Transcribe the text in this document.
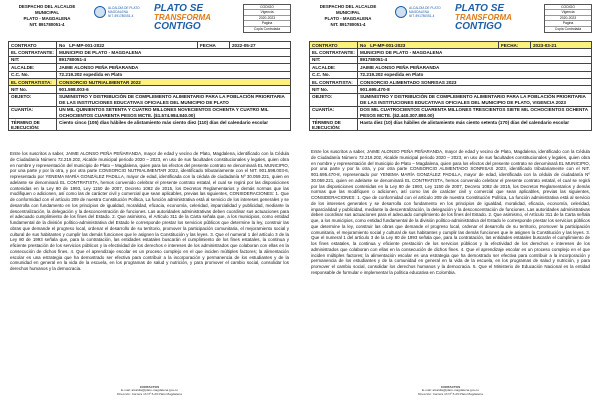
DESPACHO DEL ALCALDE
MUNICIPAL
PLATO - MAGDALENA
NIT. 891780051-4
ALCALDÍA DE PLATO
MAGDALENA
NIT. 891780051-4
PLATO SE
TRANSFORMA
CONTIGO
CODIGO
Vigencia
2020-2023
Pagina
Copia Controlada
CONTRATO	No LP-MP-001-2022	FECHA	2022-05-27
EL CONTRATANTE:	MUNICIPIO DE PLATO - MAGDALENA
NIT:	891780051-4
ALCALDE:	JAIME ALONSO PEÑA PEÑARANDA
C.C. No.	72.219.202 expedida en Plato
EL CONTRATISTA:	CONSORCIO NUTRIALIMENTAR 2022
NIT No.	901.598.003-6
OBJETO:	SUMINISTRO Y DISTRIBUCIÓN DE COMPLEMENTO ALIMENTARIO PARA LA POBLACIÓN PRIORITARIA DE LAS INSTITUCIONES EDUCATIVAS OFICIALES DEL MUNICIPIO DE PLATO
CUANTÍA:	UN MIL QUINIENTOS SETENTA Y CUATRO MILLONES NOVECIENTOS OCHENTA Y CUATRO MIL OCHOCIENTOS CUARENTA PESOS MCTE. ($1.574.984.840.00)
TÉRMINO DE EJECUCIÓN:
Ciento cinco (105) días hábiles de alistamiento más ciento diez (110) días del calendario escolar

Entre los suscritos a saber, JAIME ALONSO PEÑA PEÑARANDA, mayor de edad y vecino de Plato, Magdalena, identificado con la Cédula de Ciudadanía Número 72.219.202, Alcalde municipal periodo 2020 – 2023, en uso de sus facultades constitucionales y legales, quien obra en nombre y representación del municipio de Plato – Magdalena, quien para los efectos del presente contrato se denominará EL MUNICIPIO, por una parte y por la otra, y por otra parte CONSORCIO NUTRIALIMENTAR 2022, identificado tributariamente con el NIT. 901.598.003-6, representado por YENEMA MARÍA GONZÁLEZ PADILLA, mayor de edad, identificada con la cédula de ciudadanía Nº 30.059.221, quien en adelante se denominará EL CONTRATISTA, hemos convenido celebrar el presente contrato estatal, el cual se regirá por las disposiciones contenidas en la Ley 80 de 1993, Ley 1150 de 2007, Decreto 1082 de 2015, los Decretos Reglamentarios y demás normas que las modifiquen o adicionen, así como las de carácter civil y comercial que sean aplicables, previas las siguientes, CONSIDERACIONES: 1. Que de conformidad con el artículo 209 de nuestra Constitución Política, La función administrativa está al servicio de los intereses generales y se desarrolla con fundamento en los principios de igualdad, moralidad, eficacia, economía, celeridad, imparcialidad y publicidad, mediante la descentralización, la delegación y la desconcentración de funciones. Las autoridades administrativas deben coordinar sus actuaciones para el adecuado cumplimiento de los fines del Estado. 2. Que asimismo, el Artículo 311 de la Carta señala que, a los municipios, como entidad fundamental de la división político-administrativa del Estado le corresponde prestar los servicios públicos que determine la ley, construir las obras que demande el progreso local, ordenar el desarrollo de su territorio, promover la participación comunitaria, el mejoramiento social y cultural de sus habitantes y cumplir las demás funciones que le asignen la Constitución y las leyes. 3. Que el numeral 1 del artículo 3 de la Ley 80 de 1993 señala que, para la contratación, las entidades estatales buscarán el cumplimiento de los fines estatales, la continua y eficiente prestación de los servicios públicos y la efectividad de los derechos e intereses de los administrados que colaboran con ellas en la consecución de dichos fines. 4. Que el aprendizaje escolar es un proceso complejo en el que inciden múltiples factores; la alimentación escolar es una estrategia que ha demostrado ser efectiva para contribuir a la incorporación y permanencia de los estudiantes y de la comunidad en general en la vida de la escuela, en los programas de salud y nutrición, y para promover el cambio social, consolidar los derechos humanos y la democracia.

CONTACTOS
E-mail: alcaldia@plato-magdalena.gov.co
Dirección: Carrera 13 Nº 5-29 Plato Magdalena
DESPACHO DEL ALCALDE
MUNICIPAL
PLATO - MAGDALENA
NIT. 891780051-4
ALCALDÍA DE PLATO
MAGDALENA
NIT. 891780051-4
PLATO SE
TRANSFORMA
CONTIGO
CODIGO
Vigencia
2020-2023
Pagina
Copia Controlada
CONTRATO	No LP-MP-001-2023	FECHA:	2023-03-21
EL CONTRATANTE:	MUNICIPIO DE PLATO - MAGDALENA
NIT:	891780051-4
ALCALDE:	JAIME ALONSO PEÑA PEÑARANDA
C.C. No.	72.219.202 expedida en Plato
EL CONTRATISTA:	CONSORCIO ALIMENTADO SONRISAS 2023
NIT No.	901.695.470-8
OBJETO:	SUMINISTRO Y DISTRIBUCIÓN DE COMPLEMENTO ALIMENTARIO PARA LA POBLACIÓN PRIORITARIA DE LAS INSTITUCIONES EDUCATIVAS OFICIALES DEL MUNICIPIO DE PLATO, VIGENCIA 2023
CUANTÍA:	DOS MIL CUATROCIENTOS CUARENTA MILLONES TRESCIENTOS SIETE MIL OCHOCIENTOS OCHENTA PESOS MCTE. ($2.440.307.880.00)
TÉRMINO DE EJECUCIÓN:
Hasta diez (10) días hábiles de alistamiento más ciento setenta (170) días del calendario escolar

Entre los suscritos a saber, JAIME ALONSO PEÑA PEÑARANDA, mayor de edad y vecino de Plato, Magdalena, identificado con la Cédula de Ciudadanía Número 72.219.202, Alcalde municipal periodo 2020 – 2023, en uso de sus facultades constitucionales y legales, quien obra en nombre y representación del municipio de Plato – Magdalena, quien para los efectos del presente contrato se denominará EL MUNICIPIO, por una parte y por la otra, y por otra parte CONSORCIO ALIMENTADO SONRISAS 2023, identificado tributariamente con el NIT. 901.695.470-8, representado por YENEMA MARÍA GONZÁLEZ PADILLA, mayor de edad, identificada con la cédula de ciudadanía Nº 30.059.221, quien en adelante se denominará EL CONTRATISTA, hemos convenido celebrar el presente contrato estatal, el cual se regirá por las disposiciones contenidas en la Ley 80 de 1993, Ley 1150 de 2007, Decreto 1082 de 2015, los Decretos Reglamentarios y demás normas que las modifiquen o adicionen, así como las de carácter civil y comercial que sean aplicables, previas las siguientes, CONSIDERACIONES: 1. Que de conformidad con el artículo 209 de nuestra Constitución Política, La función administrativa está al servicio de los intereses generales y se desarrolla con fundamento en los principios de igualdad, moralidad, eficacia, economía, celeridad, imparcialidad y publicidad, mediante la descentralización, la delegación y la desconcentración de funciones. Las autoridades administrativas deben coordinar sus actuaciones para el adecuado cumplimiento de los fines del Estado. 2. Que asimismo, el Artículo 311 de la Carta señala que, a los municipios, como entidad fundamental de la división político-administrativa del Estado le corresponde prestar los servicios públicos que determine la ley, construir las obras que demande el progreso local, ordenar el desarrollo de su territorio, promover la participación comunitaria, el mejoramiento social y cultural de sus habitantes y cumplir las demás funciones que le asignen la Constitución y las leyes. 3. Que el numeral 1 del artículo 3 de la Ley 80 de 1993 señala que, para la contratación, las entidades estatales buscarán el cumplimiento de los fines estatales, la continua y eficiente prestación de los servicios públicos y la efectividad de los derechos e intereses de los administrados que colaboran con ellas en la consecución de dichos fines. 4. Que el aprendizaje escolar es un proceso complejo en el que inciden múltiples factores; la alimentación escolar es una estrategia que ha demostrado ser efectiva para contribuir a la incorporación y permanencia de los estudiantes y de la comunidad en general en la vida de la escuela, en los programas de salud y nutrición, y para promover el cambio social, consolidar los derechos humanos y la democracia. 5. Que el Ministerio de Educación Nacional es la entidad responsable de formular e implementar la política educativa en Colombia.

CONTACTOS
E-mail: alcaldia@plato-magdalena.gov.co
Dirección: Carrera 13 Nº 5-29 Plato Magdalena
